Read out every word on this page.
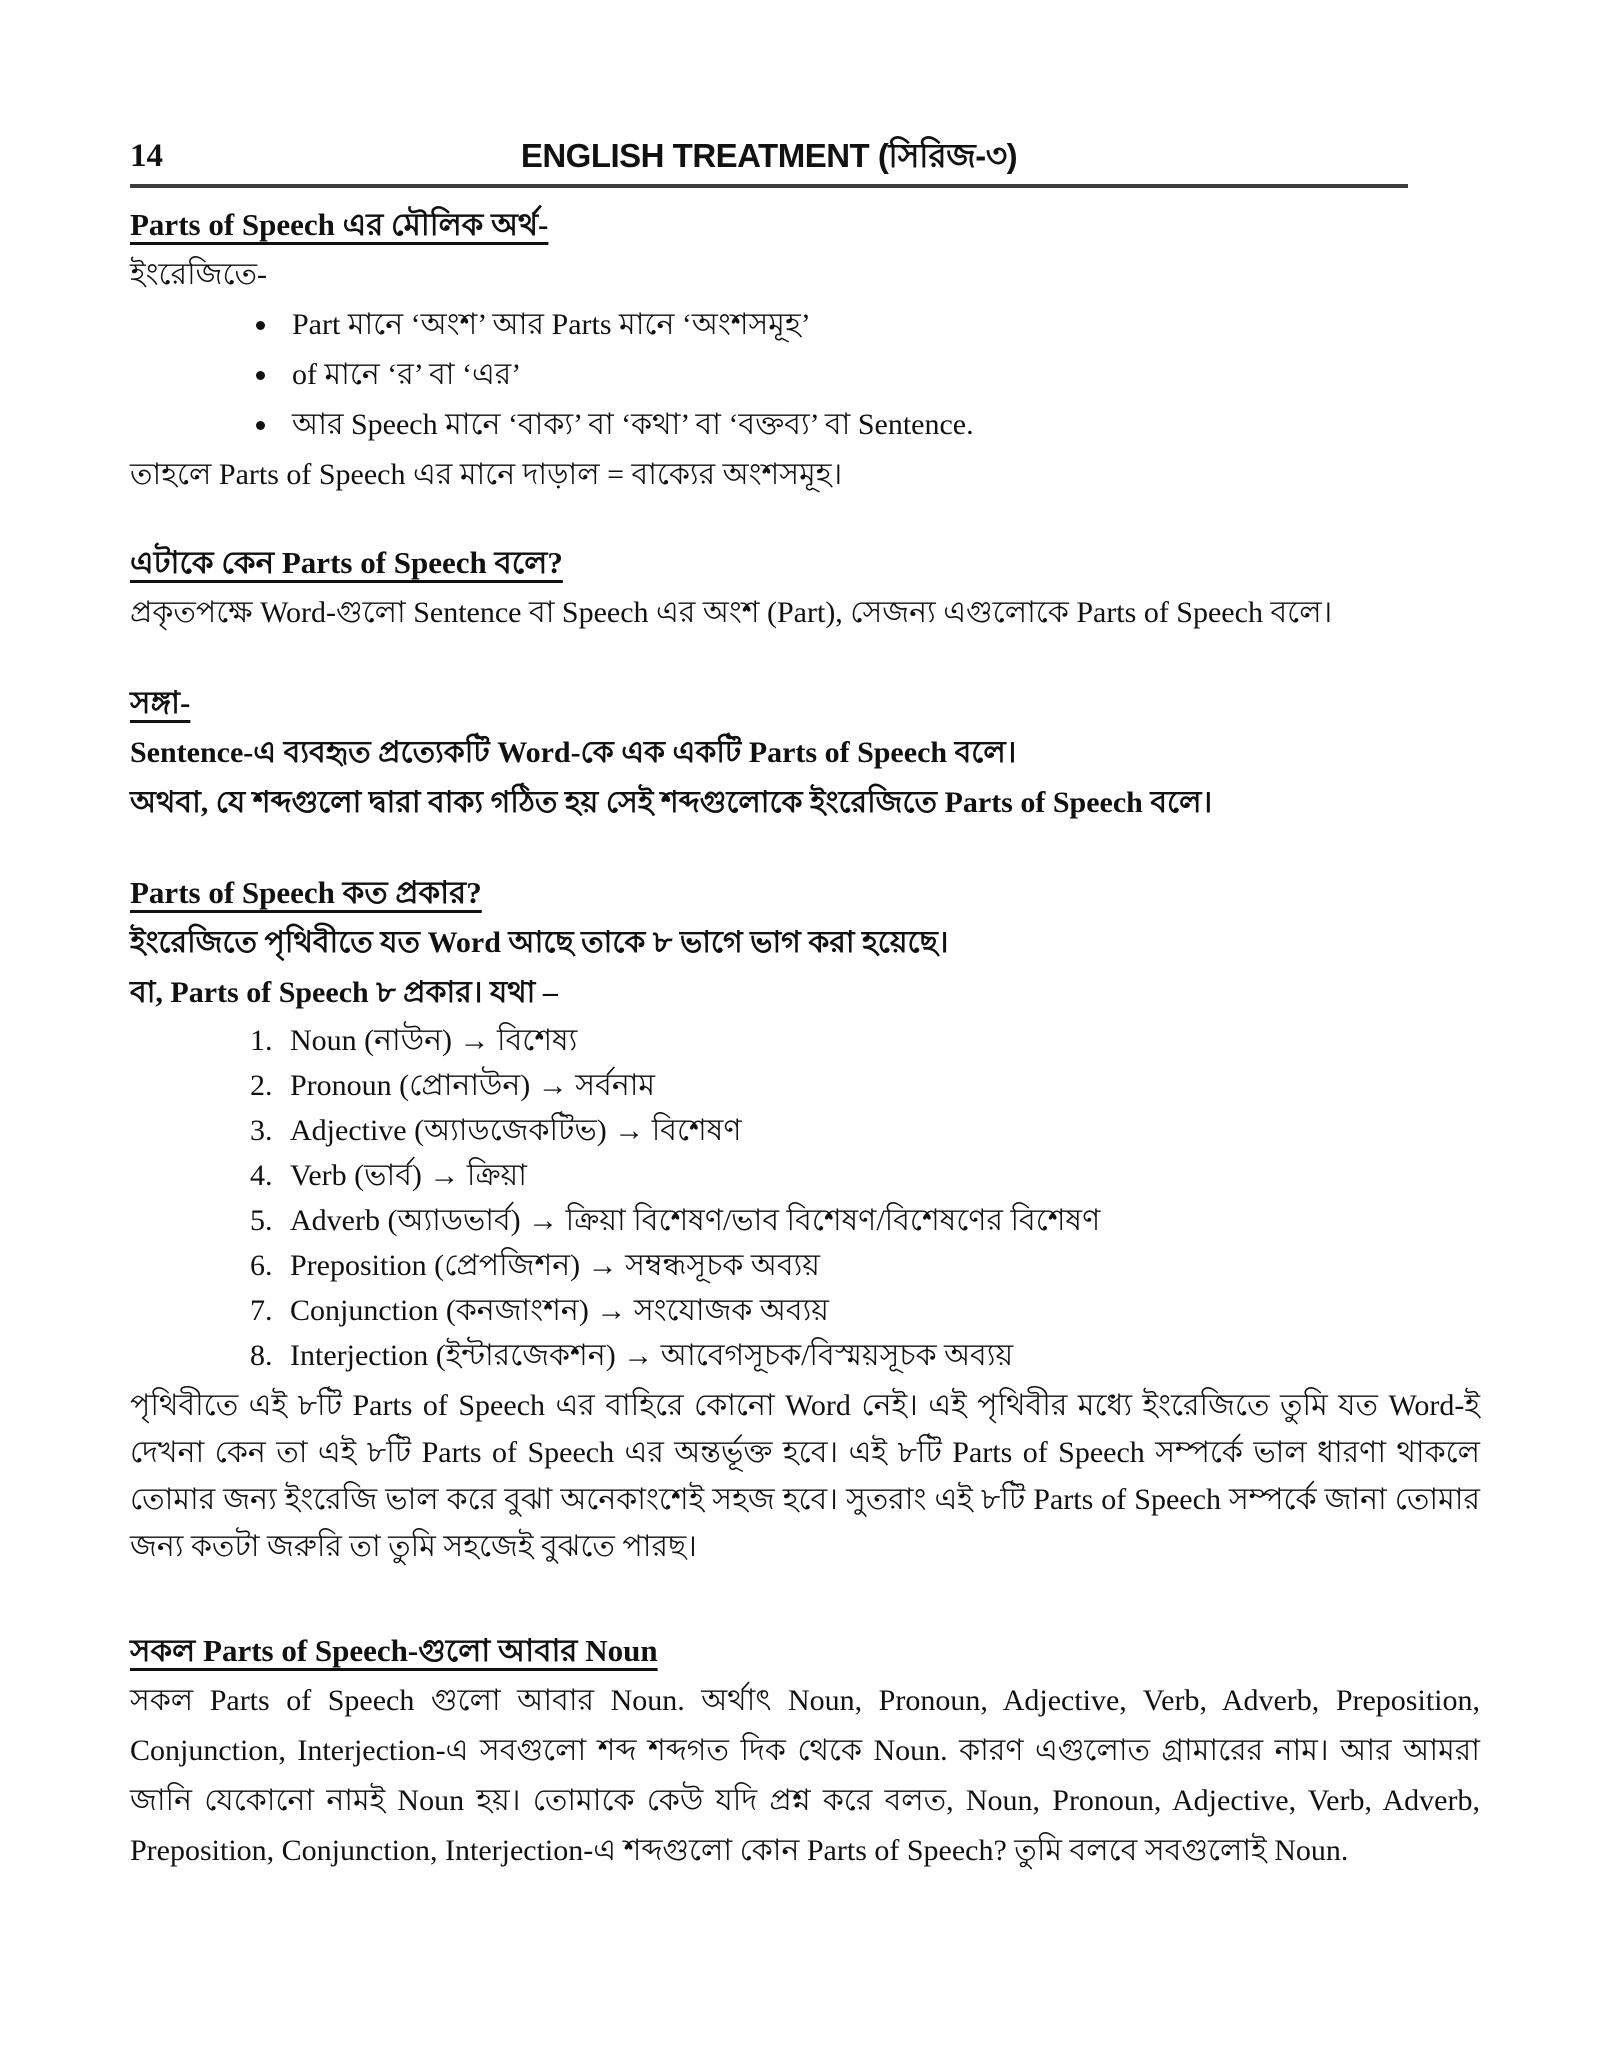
14	ENGLISH TREATMENT (সিরিজ-৩)
Parts of Speech এর মৌলিক অর্থ-
ইংরেজিতে-
• Part মানে ‘অংশ’ আর Parts মানে ‘অংশসমূহ’
• of মানে ‘র’ বা ‘এর’
• আর Speech মানে ‘বাক্য’ বা ‘কথা’ বা ‘বক্তব্য’ বা Sentence.
তাহলে Parts of Speech এর মানে দাড়াল = বাক্যের অংশসমূহ।
এটাকে কেন Parts of Speech বলে?
প্রকৃতপক্ষে Word-গুলো Sentence বা Speech এর অংশ (Part), সেজন্য এগুলোকে Parts of Speech বলে।
সঙ্গা-
Sentence-এ ব্যবহৃত প্রত্যেকটি Word-কে এক একটি Parts of Speech বলে।
অথবা, যে শব্দগুলো দ্বারা বাক্য গঠিত হয় সেই শব্দগুলোকে ইংরেজিতে Parts of Speech বলে।
Parts of Speech কত প্রকার?
ইংরেজিতে পৃথিবীতে যত Word আছে তাকে ৮ ভাগে ভাগ করা হয়েছে।
বা, Parts of Speech ৮ প্রকার। যথা –
1. Noun (নাউন) → বিশেষ্য
2. Pronoun (প্রোনাউন) → সর্বনাম
3. Adjective (অ্যাডজেকটিভ) → বিশেষণ
4. Verb (ভার্ব) → ক্রিয়া
5. Adverb (অ্যাডভার্ব) → ক্রিয়া বিশেষণ/ভাব বিশেষণ/বিশেষণের বিশেষণ
6. Preposition (প্রেপজিশন) → সম্বন্ধসূচক অব্যয়
7. Conjunction (কনজাংশন) → সংযোজক অব্যয়
8. Interjection (ইন্টারজেকশন) → আবেগসূচক/বিস্ময়সূচক অব্যয়
পৃথিবীতে এই ৮টি Parts of Speech এর বাহিরে কোনো Word নেই। এই পৃথিবীর মধ্যে ইংরেজিতে তুমি যত Word-ই দেখনা কেন তা এই ৮টি Parts of Speech এর অন্তর্ভূক্ত হবে। এই ৮টি Parts of Speech সম্পর্কে ভাল ধারণা থাকলে তোমার জন্য ইংরেজি ভাল করে বুঝা অনেকাংশেই সহজ হবে। সুতরাং এই ৮টি Parts of Speech সম্পর্কে জানা তোমার জন্য কতটা জরুরি তা তুমি সহজেই বুঝতে পারছ।
সকল Parts of Speech-গুলো আবার Noun
সকল Parts of Speech গুলো আবার Noun. অর্থাৎ Noun, Pronoun, Adjective, Verb, Adverb, Preposition, Conjunction, Interjection-এ সবগুলো শব্দ শব্দগত দিক থেকে Noun. কারণ এগুলোত গ্রামারের নাম। আর আমরা জানি যেকোনো নামই Noun হয়। তোমাকে কেউ যদি প্রশ্ন করে বলত, Noun, Pronoun, Adjective, Verb, Adverb, Preposition, Conjunction, Interjection-এ শব্দগুলো কোন Parts of Speech? তুমি বলবে সবগুলোই Noun.
